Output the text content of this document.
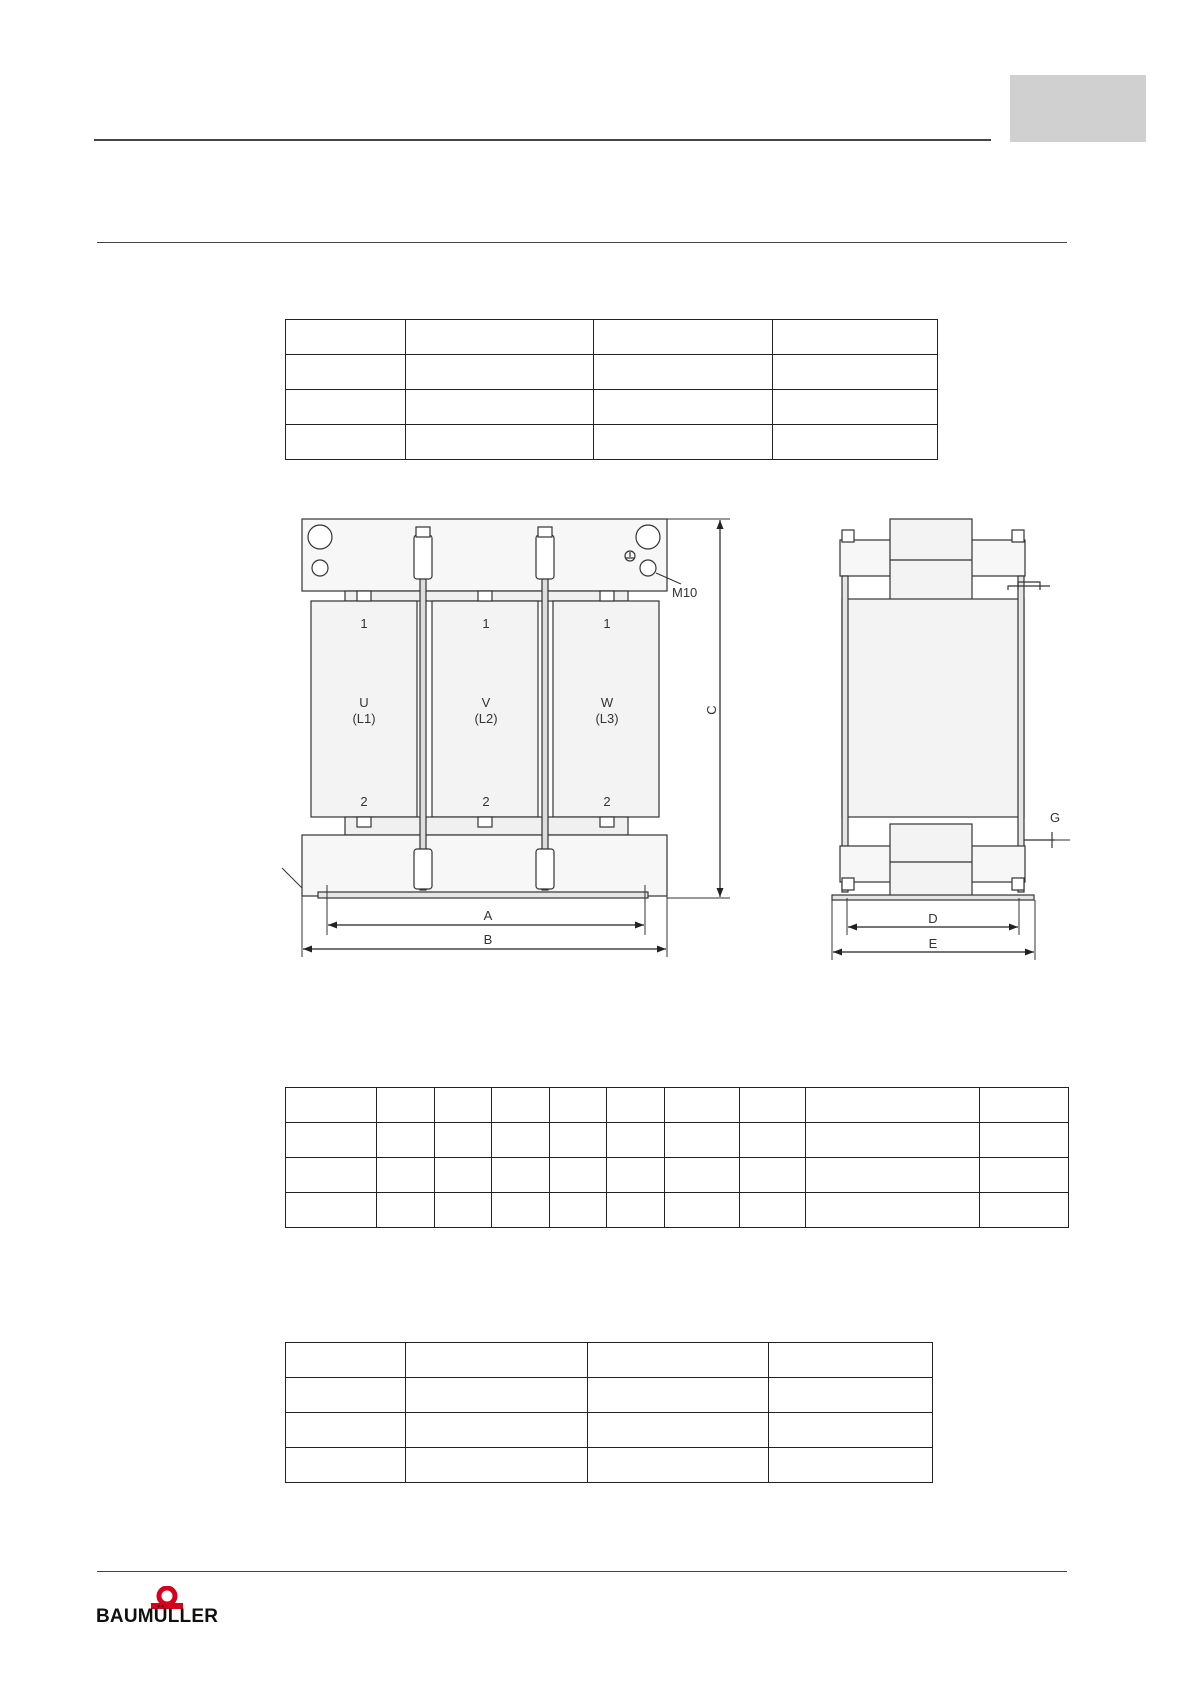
1
U
(L1)
2
1
V
(L2)
2
1
W
(L3)
2
M10
C
A
B
G
D
E

BAUMÜLLER
